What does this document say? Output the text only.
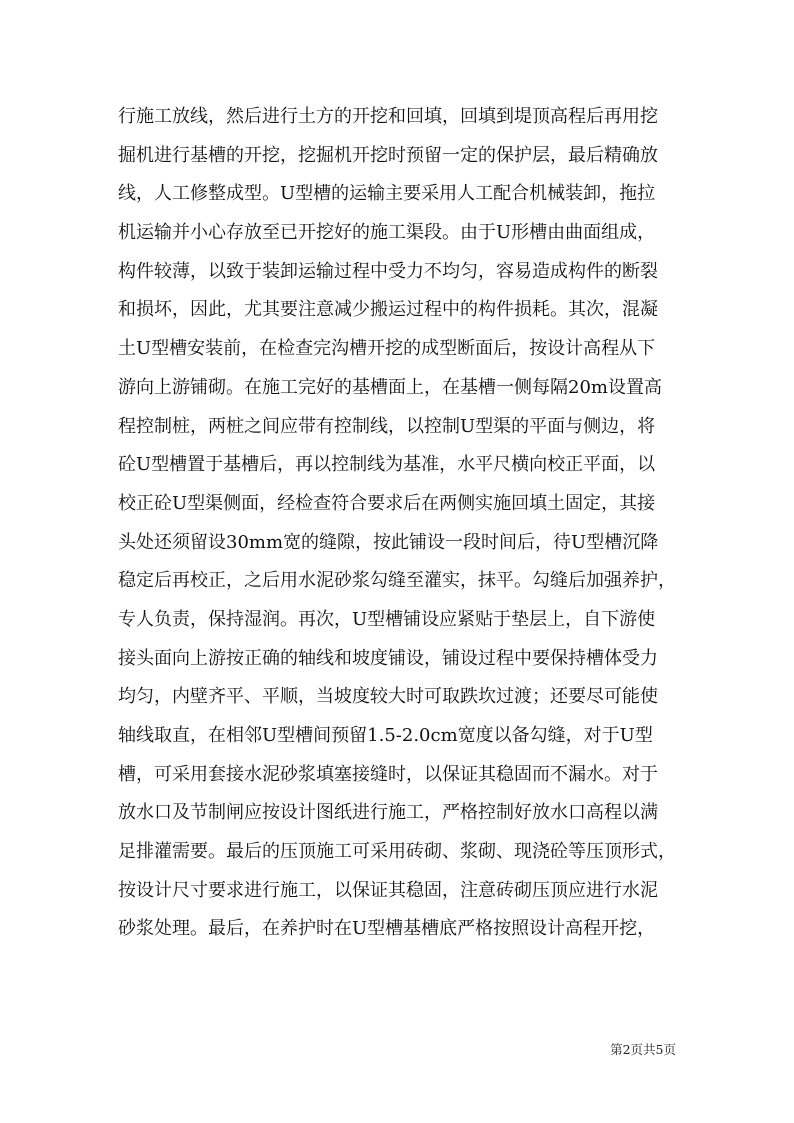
行施工放线，然后进行土方的开挖和回填，回填到堤顶高程后再用挖
掘机进行基槽的开挖，挖掘机开挖时预留一定的保护层，最后精确放
线，人工修整成型。U型槽的运输主要采用人工配合机械装卸，拖拉
机运输并小心存放至已开挖好的施工渠段。由于U形槽由曲面组成，
构件较薄，以致于装卸运输过程中受力不均匀，容易造成构件的断裂
和损坏，因此，尤其要注意减少搬运过程中的构件损耗。其次，混凝
土U型槽安装前，在检查完沟槽开挖的成型断面后，按设计高程从下
游向上游铺砌。在施工完好的基槽面上，在基槽一侧每隔20m设置高
程控制桩，两桩之间应带有控制线，以控制U型渠的平面与侧边，将
砼U型槽置于基槽后，再以控制线为基准，水平尺横向校正平面，以
校正砼U型渠侧面，经检查符合要求后在两侧实施回填土固定，其接
头处还须留设30mm宽的缝隙，按此铺设一段时间后，待U型槽沉降
稳定后再校正，之后用水泥砂浆勾缝至灌实，抹平。勾缝后加强养护，
专人负责，保持湿润。再次，U型槽铺设应紧贴于垫层上，自下游使
接头面向上游按正确的轴线和坡度铺设，铺设过程中要保持槽体受力
均匀，内壁齐平、平顺，当坡度较大时可取跌坎过渡；还要尽可能使
轴线取直，在相邻U型槽间预留1.5-2.0cm宽度以备勾缝，对于U型
槽，可采用套接水泥砂浆填塞接缝时，以保证其稳固而不漏水。对于
放水口及节制闸应按设计图纸进行施工，严格控制好放水口高程以满
足排灌需要。最后的压顶施工可采用砖砌、浆砌、现浇砼等压顶形式，
按设计尺寸要求进行施工，以保证其稳固，注意砖砌压顶应进行水泥
砂浆处理。最后，在养护时在U型槽基槽底严格按照设计高程开挖，
第2页共5页
